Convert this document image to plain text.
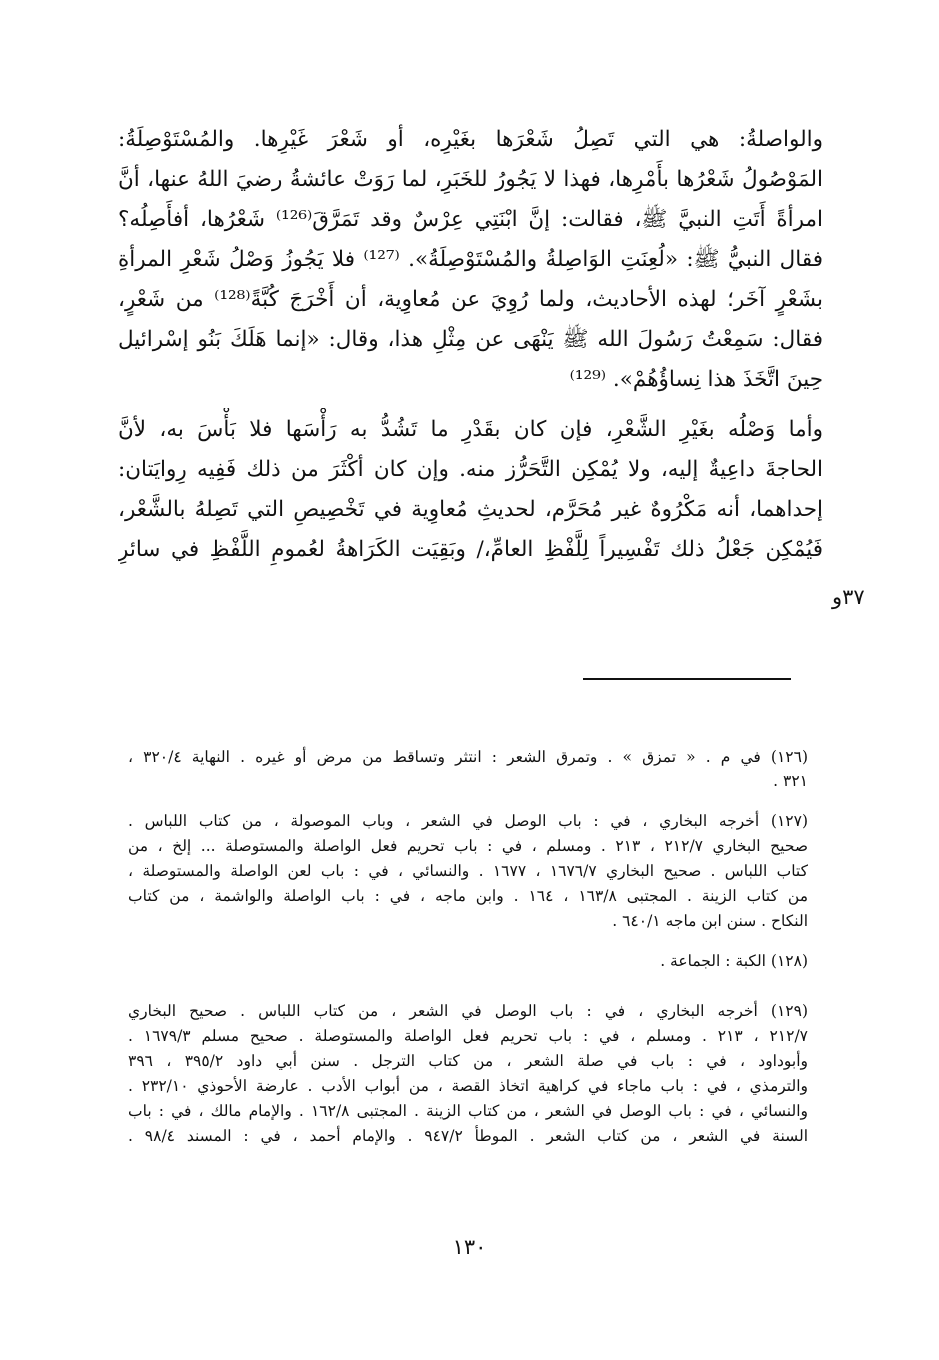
والواصلةُ: هي التي تَصِلُ شَعْرَها بغَيْرِه، أو شَعْرَ غَيْرِها. والمُسْتَوْصِلَةُ:
المَوْصُولُ شَعْرُها بأَمْرِها، فهذا لا يَجُورُ للخَبَرِ، لما رَوَتْ عائشةُ رضيَ اللهُ عنها، أنَّ
امرأةً أَتَتِ النبيَّ ﷺ، فقالت: إنَّ ابْنَتِي عِرْسٌ وقد تَمَرَّقَ⁽¹²⁶⁾ شَعْرُها، أفأَصِلُه؟
فقال النبيُّ ﷺ: «لُعِنَتِ الوَاصِلةُ والمُسْتَوْصِلَةُ». ⁽¹²⁷⁾ فلا يَجُوزُ وَصْلُ شَعْرِ المرأةِ
بشَعْرٍ آخَر؛ لهذه الأحاديث، ولما رُوِيَ عن مُعاوِية، أن أَخْرَجَ كُبَّةً⁽¹²⁸⁾ من شَعْرٍ،
فقال: سَمِعْتُ رَسُولَ الله ﷺ يَنْهَى عن مِثْلِ هذا، وقال: «إنما هَلَكَ بَنُو إسْرائيل
حِينَ اتَّخَذَ هذا نِساؤُهُمْ». ⁽¹²⁹⁾
وأما وَصْلُه بغَيْرِ الشَّعْرِ، فإن كان بقَدْرِ ما تَشُدُّ به رَأْسَها فلا بَأْسَ به، لأنَّ
الحاجةَ داعِيةٌ إليه، ولا يُمْكِن التَّحَرُّز منه. وإن كان أكْثَرَ من ذلك فَفِيه رِوايَتان:
إحداهما، أنه مَكْرُوهٌ غير مُحَرَّم، لحديثِ مُعاوِية في تَخْصِيصِ التي تَصِلهُ بالشَّعْر،
فَيُمْكِن جَعْلُ ذلك تَفْسِيراً لِلَّفْظِ العامِّ،/ وبَقِيَت الكَرَاهةُ لعُمومِ اللَّفْظِ في سائرِ
٣٧و
(١٢٦) في م . « تمزق » . وتمرق الشعر : انتثر وتساقط من مرض أو غيره . النهاية ٣٢٠/٤ ،
٣٢١ .
(١٢٧) أخرجه البخاري ، في : باب الوصل في الشعر ، وباب الموصولة ، من كتاب اللباس .
صحيح البخاري ٢١٢/٧ ، ٢١٣ . ومسلم ، في : باب تحريم فعل الواصلة والمستوصلة ... إلخ ، من
كتاب اللباس . صحيح البخاري ١٦٧٦/٧ ، ١٦٧٧ . والنسائي ، في : باب لعن الواصلة والمستوصلة ،
من كتاب الزينة . المجتبى ١٦٣/٨ ، ١٦٤ . وابن ماجه ، في : باب الواصلة والواشمة ، من كتاب
النكاح . سنن ابن ماجه ٦٤٠/١ .
(١٢٨) الكبة : الجماعة .
(١٢٩) أخرجه البخاري ، في : باب الوصل في الشعر ، من كتاب اللباس . صحيح البخاري
٢١٢/٧ ، ٢١٣ . ومسلم ، في : باب تحريم فعل الواصلة والمستوصلة . صحيح مسلم ١٦٧٩/٣ .
وأبوداود ، في : باب في صلة الشعر ، من كتاب الترجل . سنن أبي داود ٣٩٥/٢ ، ٣٩٦
والترمذي ، في : باب ماجاء في كراهية اتخاذ القصة ، من أبواب الأدب . عارضة الأحوذي ٢٣٢/١٠ .
والنسائي ، في : باب الوصل في الشعر ، من كتاب الزينة . المجتبى ١٦٢/٨ . والإمام مالك ، في : باب
السنة في الشعر ، من كتاب الشعر . الموطأ ٩٤٧/٢ . والإمام أحمد ، في : المسند ٩٨/٤ .
١٣٠
